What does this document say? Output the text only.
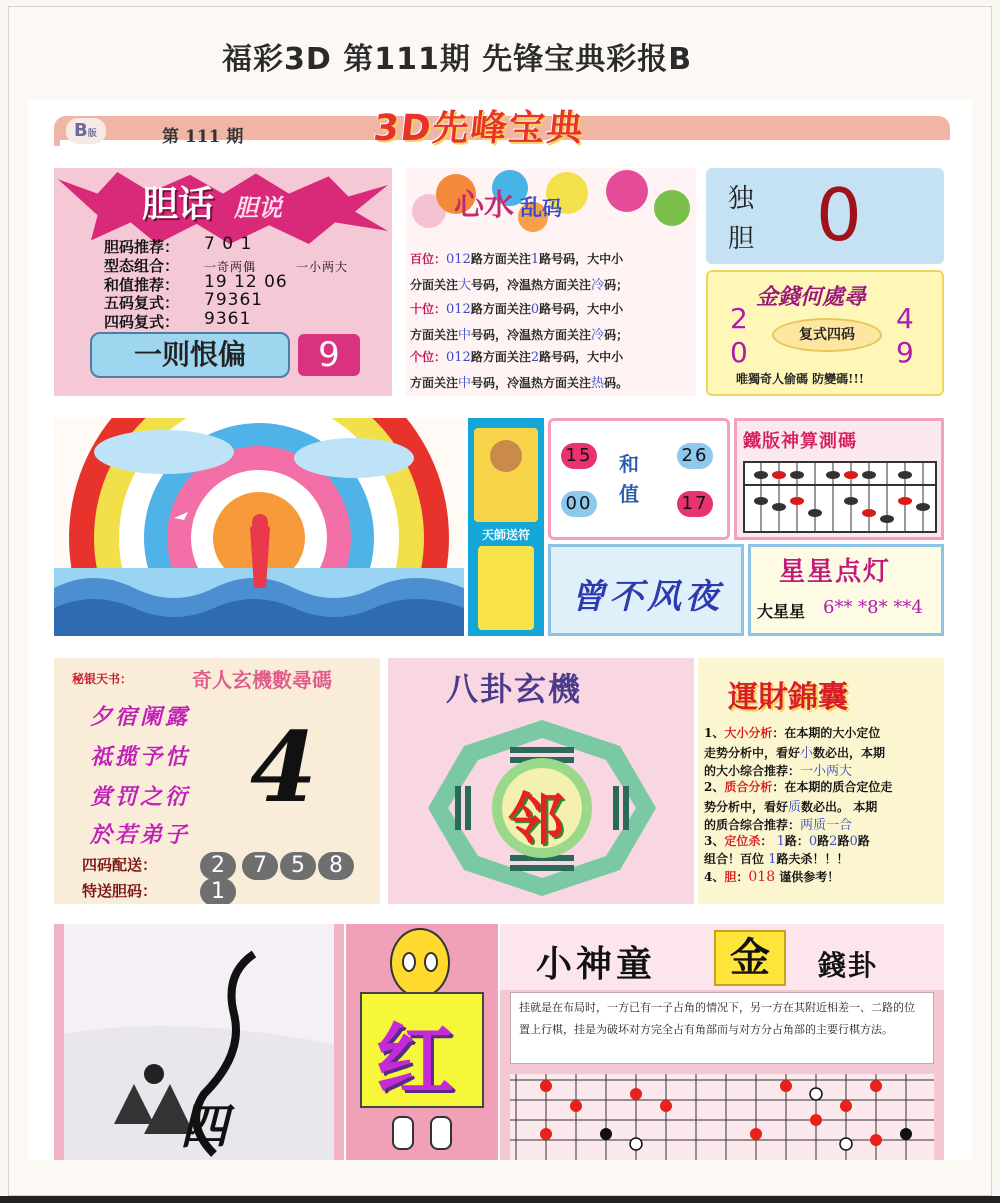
福彩3D 第111期 先锋宝典彩报B
B版	第 111 期	3D先峰宝典
胆话 胆说
胆码推荐： 7 0 1
型态组合： 一奇两偶	一小两大
和值推荐： 19 12 06
五码复式： 79361
四码复式： 9361
一则恨偏	9
心水 乱码
百位：012路方面关注1路号码，大中小
分面关注大号码，冷温热方面关注冷码；
十位：012路方面关注0路号码，大中小
方面关注中号码，冷温热方面关注冷码；
个位：012路方面关注2路号码，大中小
方面关注中号码，冷温热方面关注热码。
独
胆 0
金錢何處尋
复式四码
2	4
0	9
唯獨奇人偷碼 防變碼!!!
天師送符
15
00
和值
26
17
鐵版神算測碼
曾不风夜
星星点灯
大星星 6** *8* **4
秘银天书：	奇人玄機數尋碼
夕宿阑露
祗揽予怙
赏罚之衍
於若弟子
4
四码配送：	2	7	5	8
特送胆码：	1
八卦玄機
邻
運財錦囊
1、大小分析：在本期的大小定位
走势分析中，看好小数必出，本期
的大小综合推荐：一小两大
2、质合分析：在本期的质合定位走
势分析中，看好质数必出。 本期
的质合综合推荐：两质一合
3、定位杀： 1路：0路2路0路
组合！百位 1路夫杀！！！
4、胆：018 谨供参考！
四
红
小神童	金	錢卦
挂就是在布局时，一方已有一子占角的情况下，另一方在其附近相差一、二路的位置上行棋，挂是为破坏对方完全占有角部而与对方分占角部的主要行棋方法。
